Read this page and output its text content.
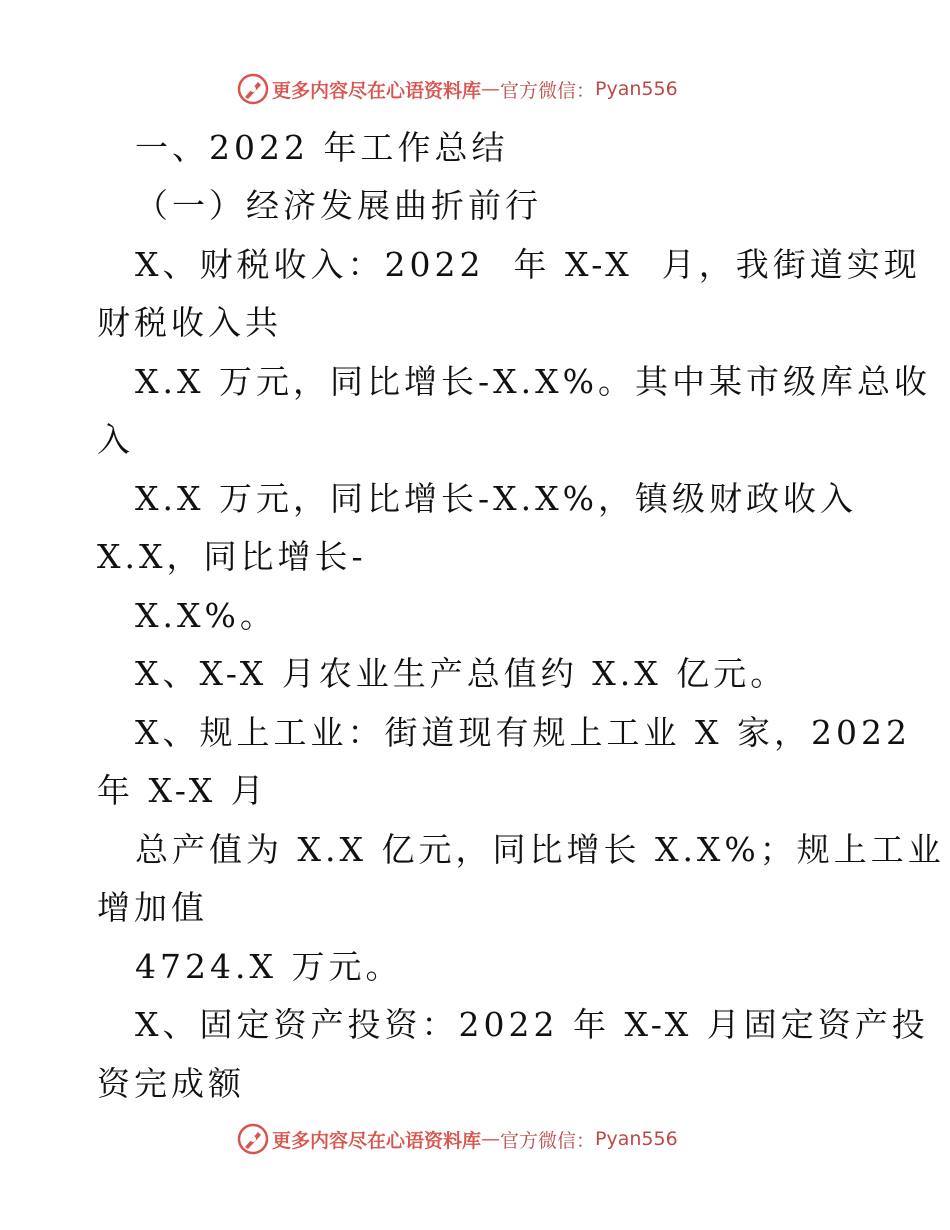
更多内容尽在心语资料库 — 官方微信： Pyan556
一、2022 年工作总结
（一）经济发展曲折前行
X、财税收入：2022  年 X-X  月，我街道实现
财税收入共
X.X 万元，同比增长-X.X%。其中某市级库总收
入
X.X 万元，同比增长-X.X%，镇级财政收入
X.X，同比增长-
X.X%。
X、X-X 月农业生产总值约 X.X 亿元。
X、规上工业：街道现有规上工业 X 家，2022
年 X-X 月
总产值为 X.X 亿元，同比增长 X.X%；规上工业
增加值
4724.X 万元。
X、固定资产投资：2022 年 X-X 月固定资产投
资完成额
更多内容尽在心语资料库 — 官方微信： Pyan556
